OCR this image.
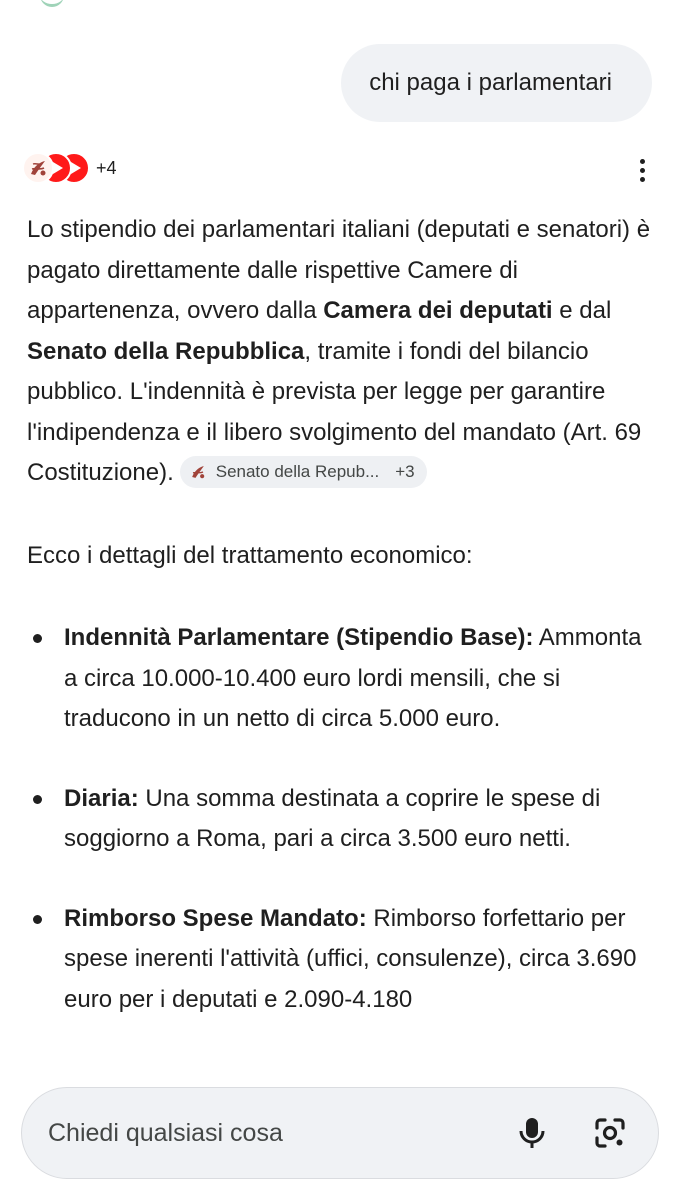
chi paga i parlamentari
+4

Lo stipendio dei parlamentari italiani (deputati e senatori) è pagato direttamente dalle rispettive Camere di appartenenza, ovvero dalla Camera dei deputati e dal Senato della Repubblica, tramite i fondi del bilancio pubblico. L'indennità è prevista per legge per garantire l'indipendenza e il libero svolgimento del mandato (Art. 69 Costituzione). Senato della Repub... +3

Ecco i dettagli del trattamento economico:

Indennità Parlamentare (Stipendio Base): Ammonta a circa 10.000-10.400 euro lordi mensili, che si traducono in un netto di circa 5.000 euro.
Diaria: Una somma destinata a coprire le spese di soggiorno a Roma, pari a circa 3.500 euro netti.
Rimborso Spese Mandato: Rimborso forfettario per spese inerenti l'attività (uffici, consulenze), circa 3.690 euro per i deputati e 2.090-4.180
Chiedi qualsiasi cosa
